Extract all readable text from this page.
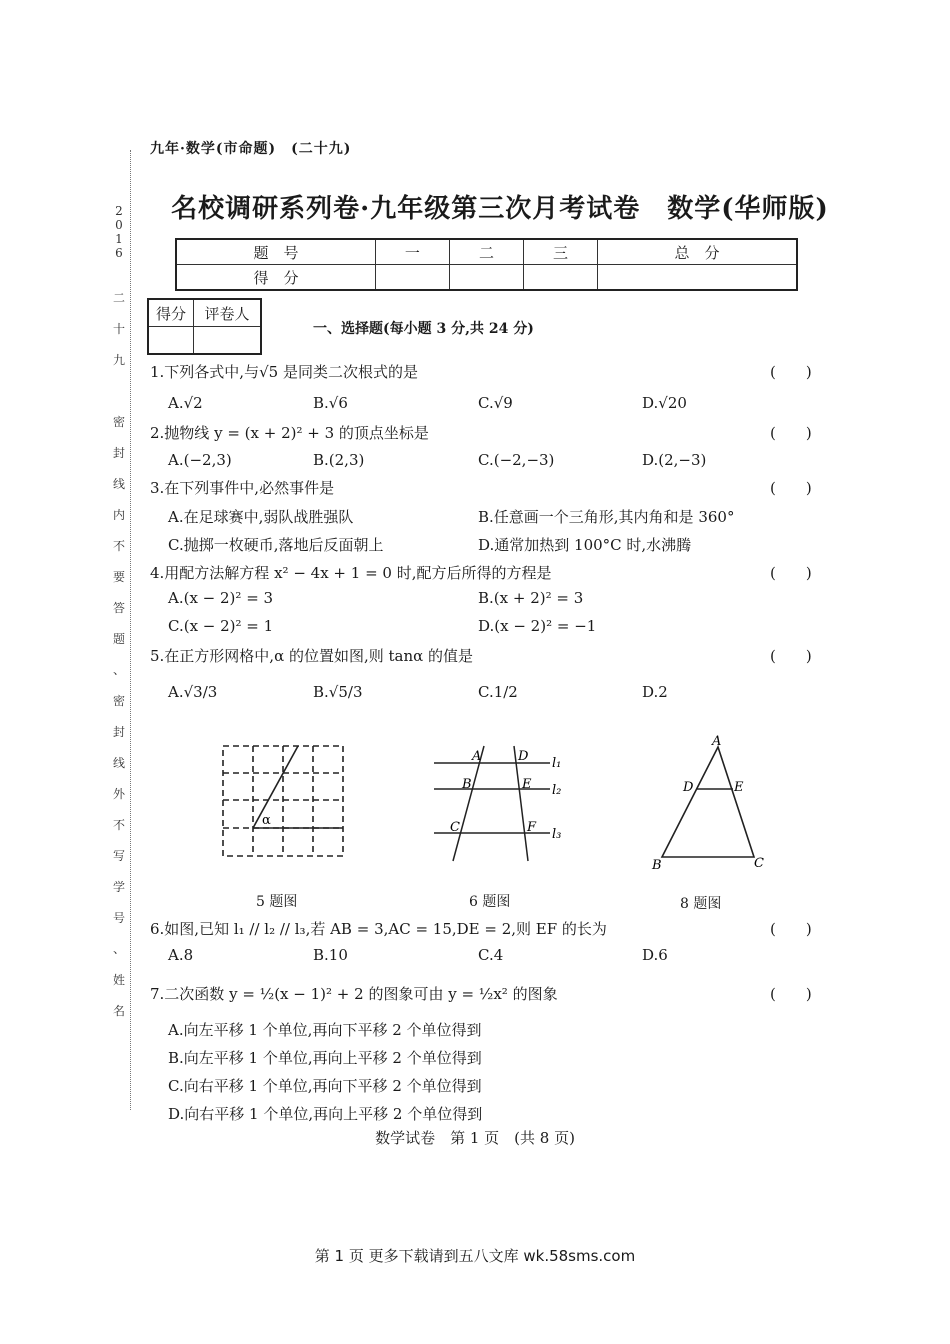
2
0
1
6

二
十
九

密
封
线
内
不
要
答
题
、
密
封
线
外
不
写
学
号
、
姓
名
九年·数学(市命题)　(二十九)
名校调研系列卷·九年级第三次月考试卷　数学(华师版)
题　号	一	二	三	总　分
得　分				
得分	评卷人

一、选择题(每小题 3 分,共 24 分)
1.下列各式中,与√5 是同类二次根式的是	(　　)
A.√2	B.√6	C.√9	D.√20
2.抛物线 y = (x + 2)² + 3 的顶点坐标是	(　　)
A.(−2,3)	B.(2,3)	C.(−2,−3)	D.(2,−3)
3.在下列事件中,必然事件是	(　　)
A.在足球赛中,弱队战胜强队	B.任意画一个三角形,其内角和是 360°
C.抛掷一枚硬币,落地后反面朝上	D.通常加热到 100°C 时,水沸腾
4.用配方法解方程 x² − 4x + 1 = 0 时,配方后所得的方程是	(　　)
A.(x − 2)² = 3	B.(x + 2)² = 3
C.(x − 2)² = 1	D.(x − 2)² = −1
5.在正方形网格中,α 的位置如图,则 tanα 的值是	(　　)
A.√3/3	B.√5/3	C.1/2	D.2
α
A	D l₁
B	E l₂
C	F l₃
A
D	E
B	C
5 题图	6 题图	8 题图
6.如图,已知 l₁ // l₂ // l₃,若 AB = 3,AC = 15,DE = 2,则 EF 的长为	(　　)
A.8	B.10	C.4	D.6
7.二次函数 y = ½(x − 1)² + 2 的图象可由 y = ½x² 的图象	(　　)
A.向左平移 1 个单位,再向下平移 2 个单位得到
B.向左平移 1 个单位,再向上平移 2 个单位得到
C.向右平移 1 个单位,再向下平移 2 个单位得到
D.向右平移 1 个单位,再向上平移 2 个单位得到
数学试卷　第 1 页　(共 8 页)
第 1 页 更多下载请到五八文库 wk.58sms.com
